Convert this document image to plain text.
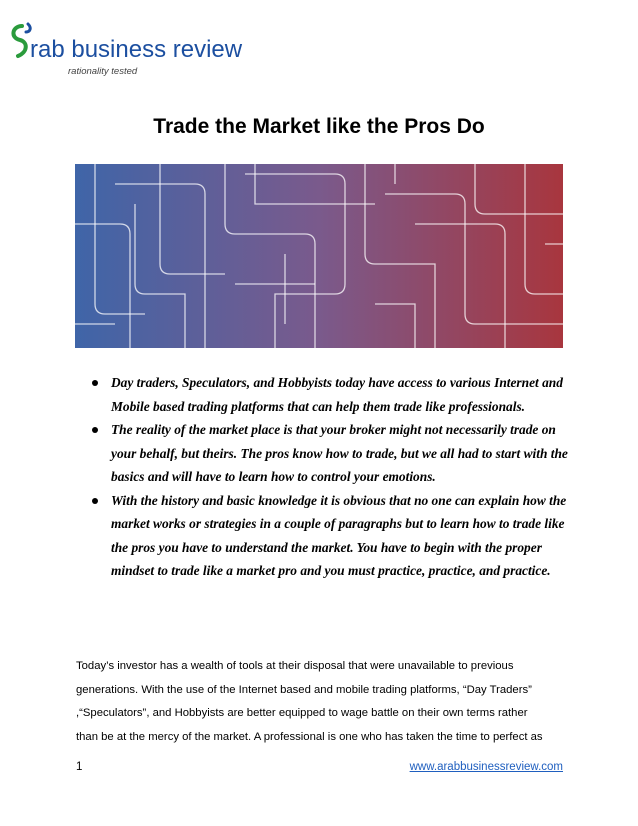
rab business review
rationality tested
Trade the Market like the Pros Do
Day traders, Speculators, and Hobbyists today have access to various Internet and Mobile based trading platforms that can help them trade like professionals.
The reality of the market place is that your broker might not necessarily trade on your behalf, but theirs. The pros know how to trade, but we all had to start with the basics and will have to learn how to control your emotions.
With the history and basic knowledge it is obvious that no one can explain how the market works or strategies in a couple of paragraphs but to learn how to trade like the pros you have to understand the market. You have to begin with the proper mindset to trade like a market pro and you must practice, practice, and practice.
Today’s investor has a wealth of tools at their disposal that were unavailable to previous
generations. With the use of the Internet based and mobile trading platforms, “Day Traders”
,“Speculators”, and Hobbyists are better equipped to wage battle on their own terms rather
than be at the mercy of the market. A professional is one who has taken the time to perfect as
1	www.arabbusinessreview.com
